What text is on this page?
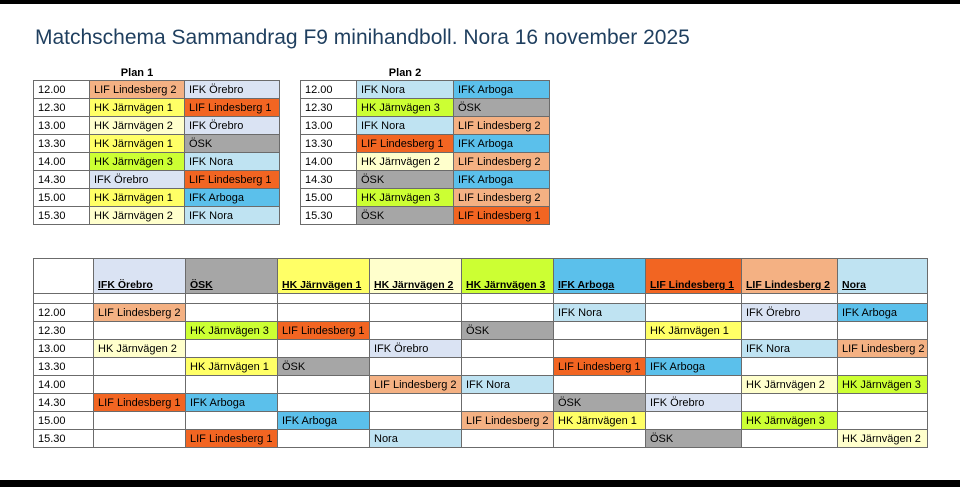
Matchschema Sammandrag F9 minihandboll. Nora 16 november 2025
	Plan 1	
12.00	LIF Lindesberg 2	IFK Örebro
12.30	HK Järnvägen 1	LIF Lindesberg 1
13.00	HK Järnvägen 2	IFK Örebro
13.30	HK Järnvägen 1	ÖSK
14.00	HK Järnvägen 3	IFK Nora
14.30	IFK Örebro	LIF Lindesberg 1
15.00	HK Järnvägen 1	IFK Arboga
15.30	HK Järnvägen 2	IFK Nora
	Plan 2	
12.00	IFK Nora	IFK Arboga
12.30	HK Järnvägen 3	ÖSK
13.00	IFK Nora	LIF Lindesberg 2
13.30	LIF Lindesberg 1	IFK Arboga
14.00	HK Järnvägen 2	LIF Lindesberg 2
14.30	ÖSK	IFK Arboga
15.00	HK Järnvägen 3	LIF Lindesberg 2
15.30	ÖSK	LIF Lindesberg 1
	IFK Örebro	ÖSK	HK Järnvägen 1	HK Järnvägen 2	HK Järnvägen 3	IFK Arboga	LIF Lindesberg 1	LIF Lindesberg 2	Nora

12.00	LIF Lindesberg 2					IFK Nora		IFK Örebro	IFK Arboga
12.30		HK Järnvägen 3	LIF Lindesberg 1		ÖSK		HK Järnvägen 1		
13.00	HK Järnvägen 2			IFK Örebro				IFK Nora	LIF Lindesberg 2
13.30		HK Järnvägen 1	ÖSK			LIF Lindesberg 1	IFK Arboga		
14.00				LIF Lindesberg 2	IFK Nora			HK Järnvägen 2	HK Järnvägen 3
14.30	LIF Lindesberg 1	IFK Arboga				ÖSK	IFK Örebro		
15.00			IFK Arboga		LIF Lindesberg 2	HK Järnvägen 1		HK Järnvägen 3	
15.30		LIF Lindesberg 1		Nora			ÖSK		HK Järnvägen 2
